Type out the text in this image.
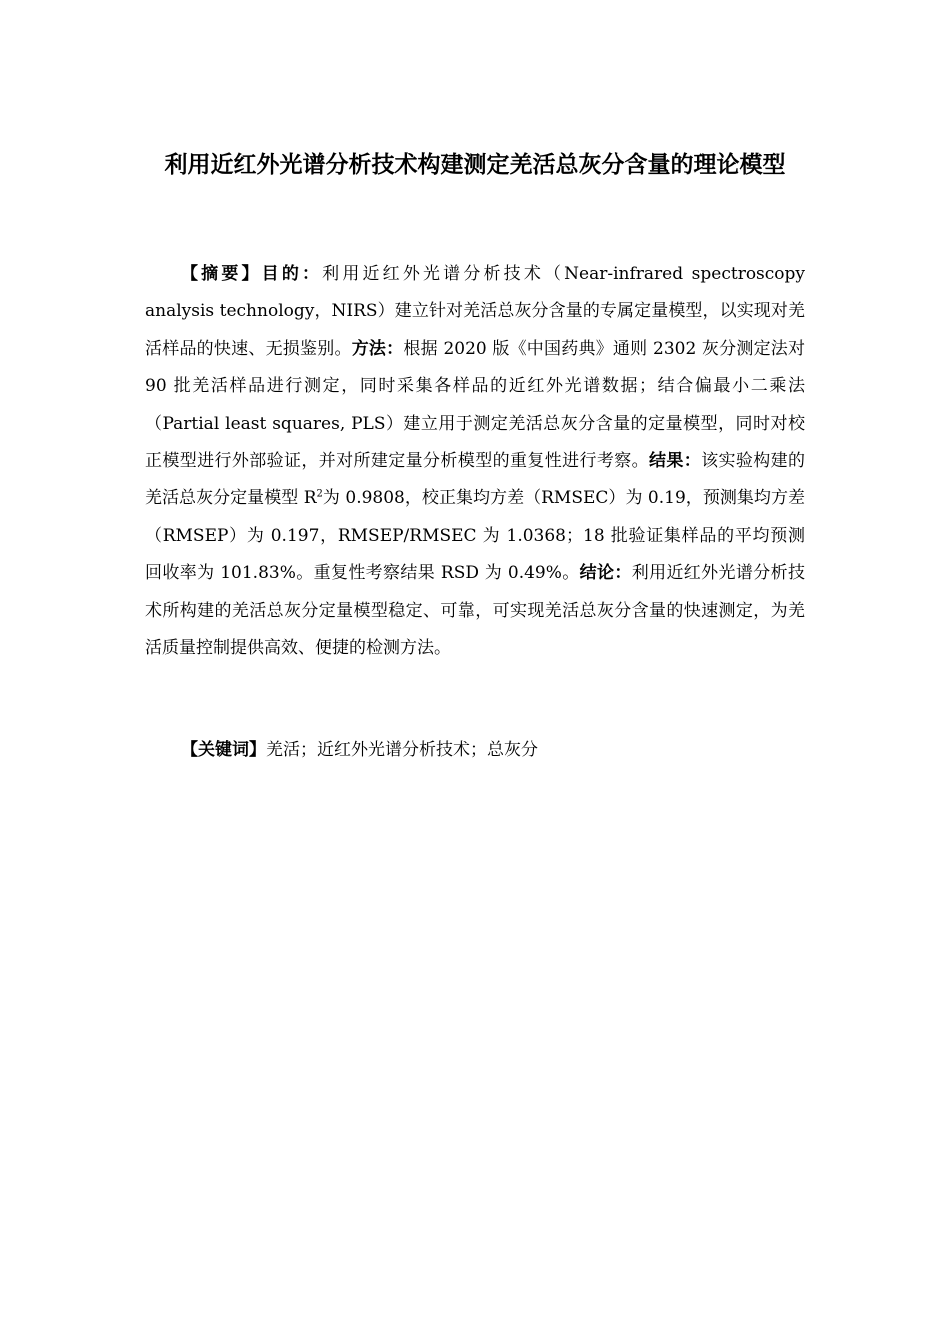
利用近红外光谱分析技术构建测定羌活总灰分含量的理论模型

【摘要】目的：利用近红外光谱分析技术（Near-infrared spectroscopy analysis technology，NIRS）建立针对羌活总灰分含量的专属定量模型，以实现对羌活样品的快速、无损鉴别。方法：根据 2020 版《中国药典》通则 2302 灰分测定法对 90 批羌活样品进行测定，同时采集各样品的近红外光谱数据；结合偏最小二乘法（Partial least squares, PLS）建立用于测定羌活总灰分含量的定量模型，同时对校正模型进行外部验证，并对所建定量分析模型的重复性进行考察。结果：该实验构建的羌活总灰分定量模型 $R^2$为 0.9808，校正集均方差（RMSEC）为 0.19，预测集均方差（RMSEP）为 0.197，RMSEP/RMSEC 为 1.0368；18 批验证集样品的平均预测回收率为 101.83%。重复性考察结果 RSD 为 0.49%。结论：利用近红外光谱分析技术所构建的羌活总灰分定量模型稳定、可靠，可实现羌活总灰分含量的快速测定，为羌活质量控制提供高效、便捷的检测方法。

【关键词】羌活；近红外光谱分析技术；总灰分
